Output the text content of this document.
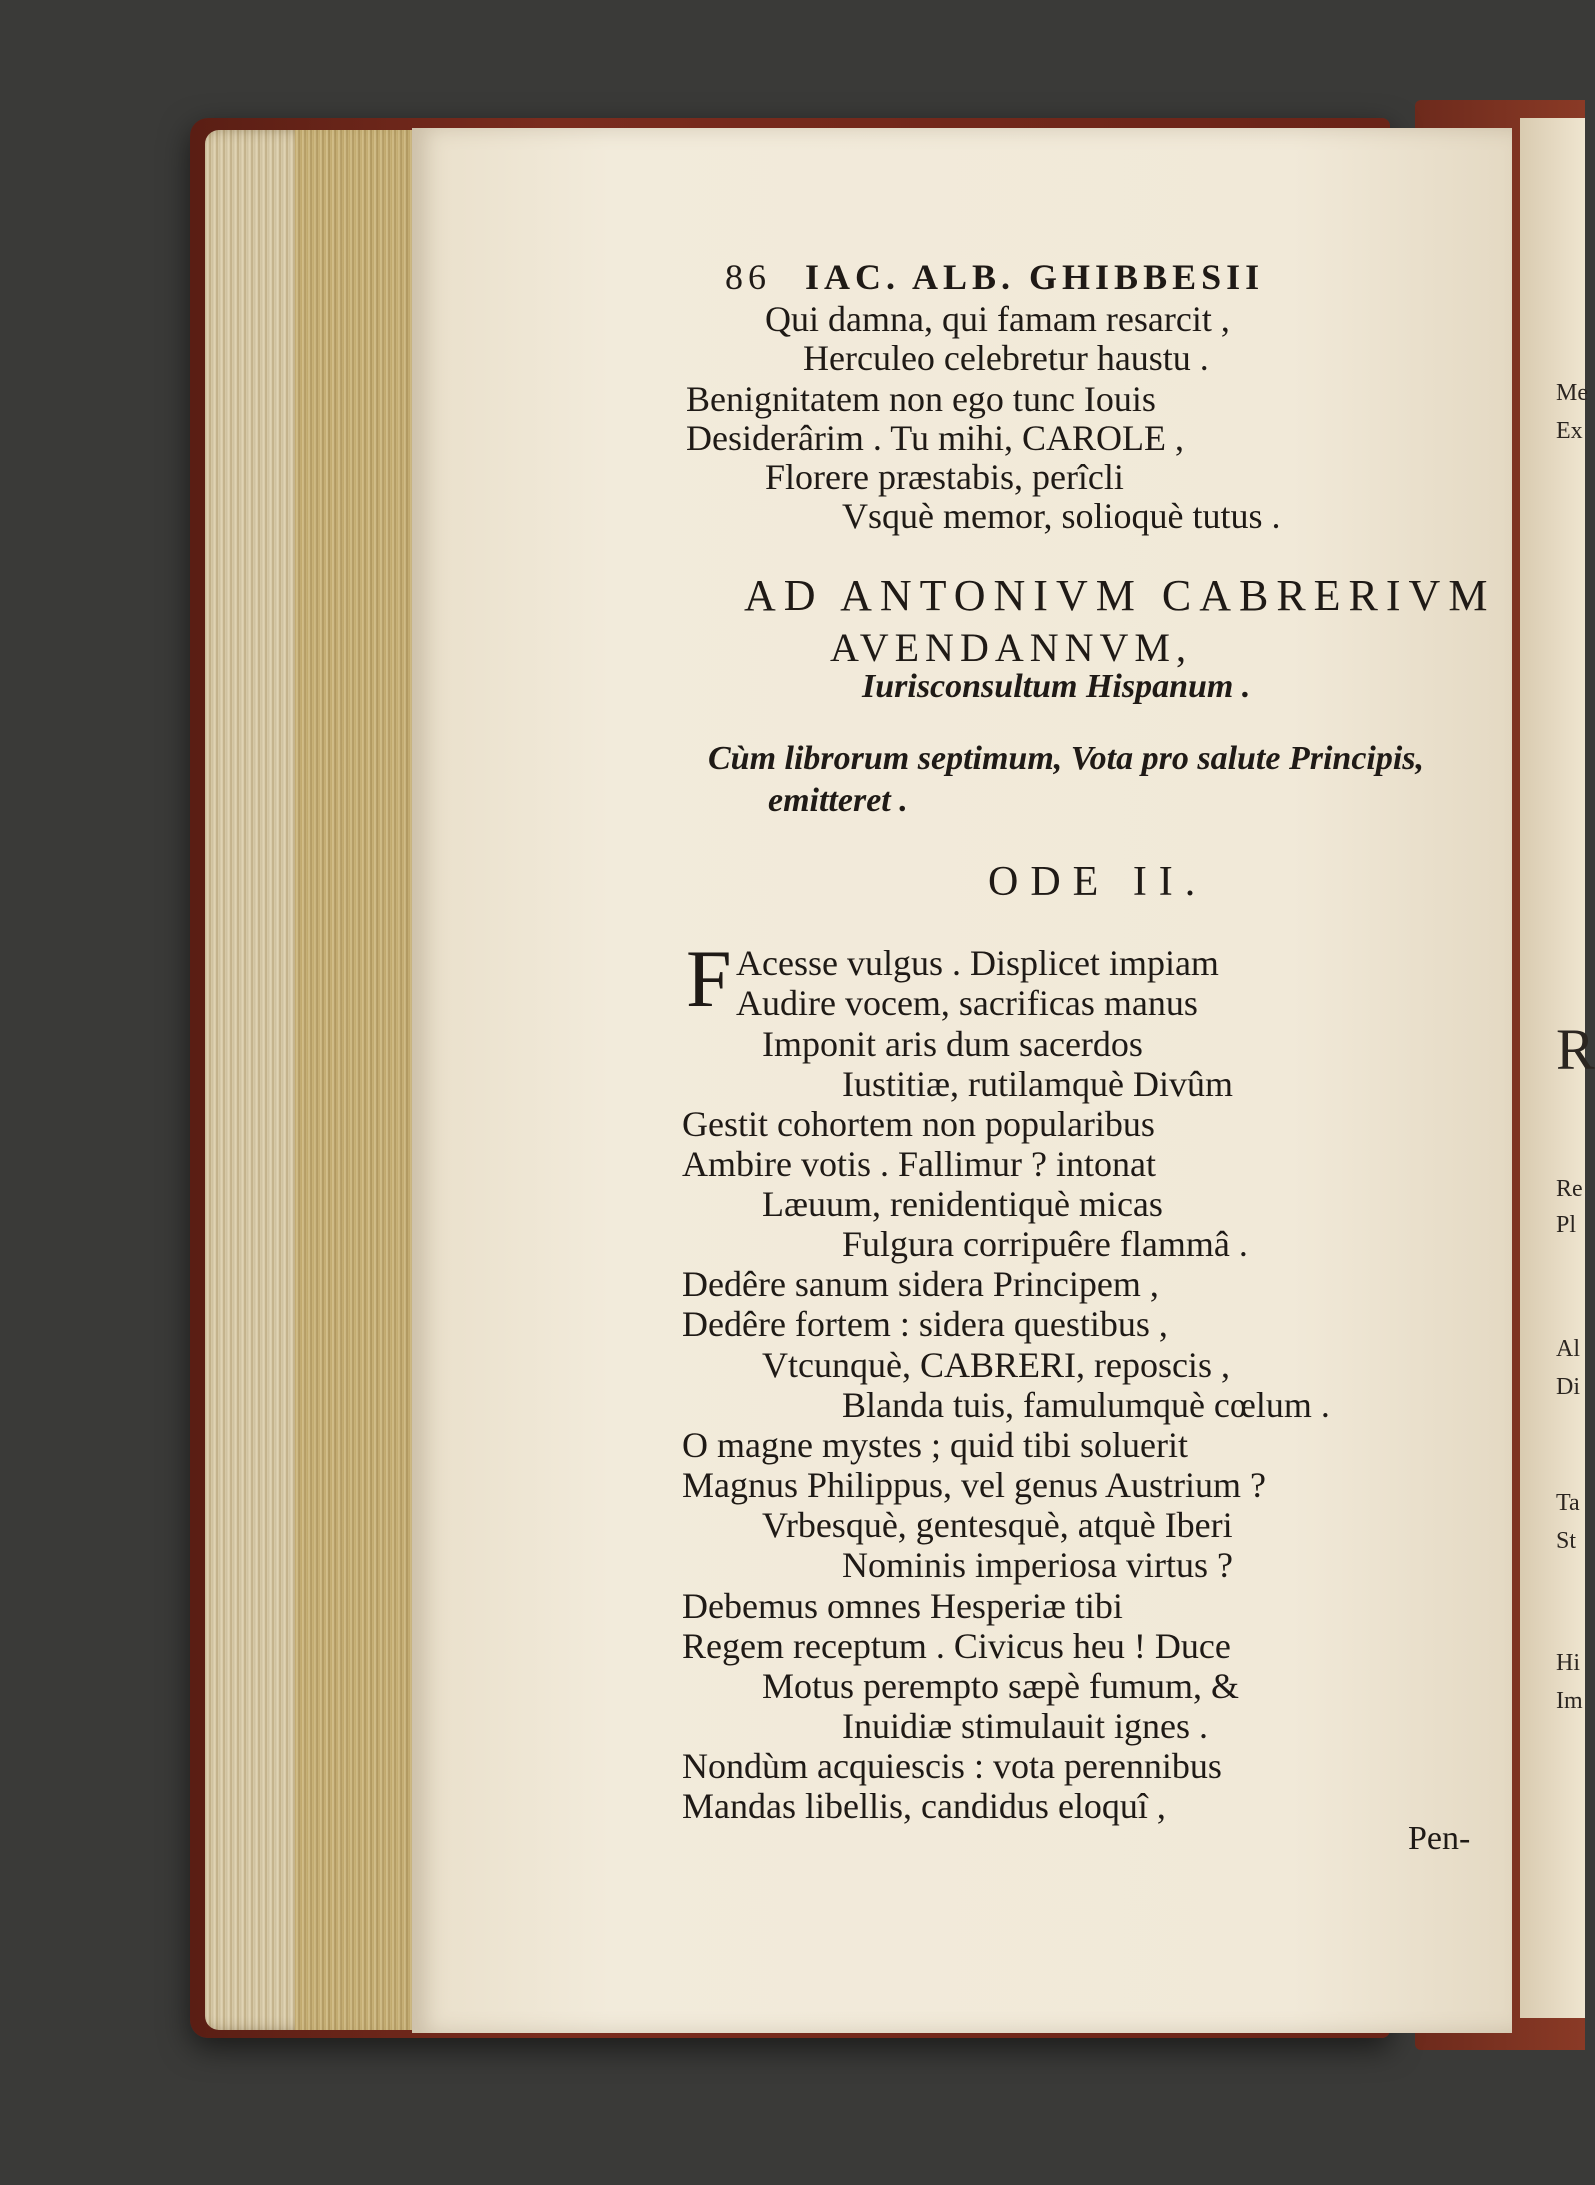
Me
Ex
R
Re
Pl
Al
Di
Ta
St
Hi
Im
86 IAC. ALB. GHIBBESII
Qui damna, qui famam resarcit ,
Herculeo celebretur haustu .
Benignitatem non ego tunc Iouis
Desiderârim . Tu mihi, CAROLE ,
Florere præstabis, perîcli
Vsquè memor, solioquè tutus .
AD ANTONIVM CABRERIVM
AVENDANNVM,
Iurisconsultum Hispanum .
Cùm librorum septimum, Vota pro salute Principis,
emitteret .
ODE II.
F Acesse vulgus . Displicet impiam
Audire vocem, sacrificas manus
Imponit aris dum sacerdos
Iustitiæ, rutilamquè Divûm
Gestit cohortem non popularibus
Ambire votis . Fallimur ? intonat
Læuum, renidentiquè micas
Fulgura corripuêre flammâ .
Dedêre sanum sidera Principem ,
Dedêre fortem : sidera questibus ,
Vtcunquè, CABRERI, reposcis ,
Blanda tuis, famulumquè cœlum .
O magne mystes ; quid tibi soluerit
Magnus Philippus, vel genus Austrium ?
Vrbesquè, gentesquè, atquè Iberi
Nominis imperiosa virtus ?
Debemus omnes Hesperiæ tibi
Regem receptum . Civicus heu ! Duce
Motus perempto sæpè fumum, &
Inuidiæ stimulauit ignes .
Nondùm acquiescis : vota perennibus
Mandas libellis, candidus eloquî ,
Pen-
